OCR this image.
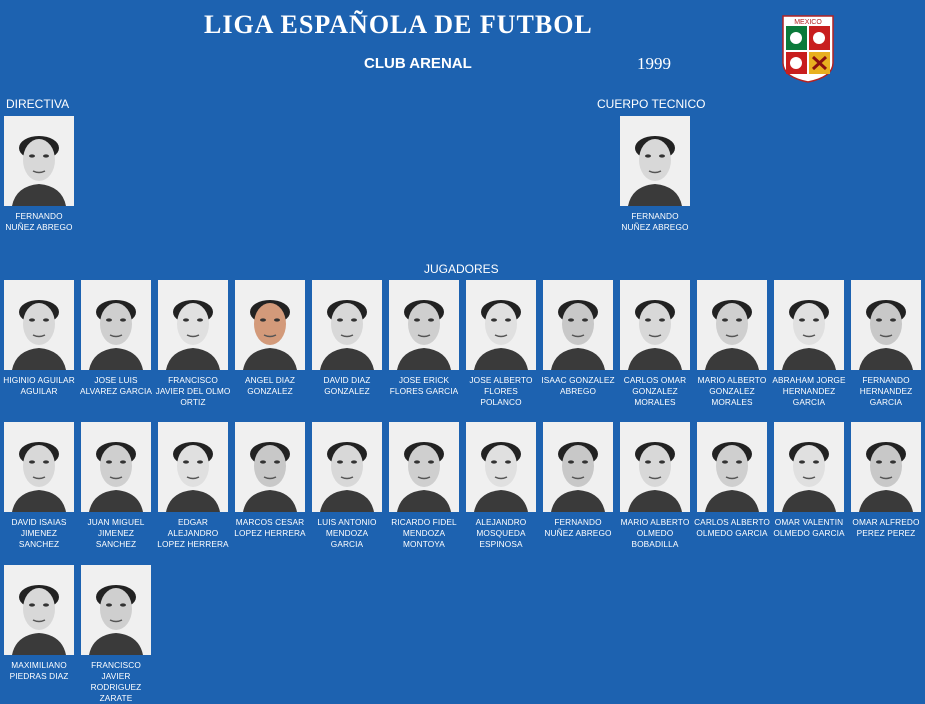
LIGA ESPAÑOLA DE FUTBOL
CLUB ARENAL	1999
MEXICO
DIRECTIVA	CUERPO TECNICO
JUGADORES
FERNANDO NUÑEZ ABREGO
FERNANDO NUÑEZ ABREGO
HIGINIO AGUILAR AGUILAR
JOSE LUIS ALVAREZ GARCIA
FRANCISCO JAVIER DEL OLMO ORTIZ
ANGEL DIAZ GONZALEZ
DAVID DIAZ GONZALEZ
JOSE ERICK FLORES GARCIA
JOSE ALBERTO FLORES POLANCO
ISAAC GONZALEZ ABREGO
CARLOS OMAR GONZALEZ MORALES
MARIO ALBERTO GONZALEZ MORALES
ABRAHAM JORGE HERNANDEZ GARCIA
FERNANDO HERNANDEZ GARCIA
DAVID ISAIAS JIMENEZ SANCHEZ
JUAN MIGUEL JIMENEZ SANCHEZ
EDGAR ALEJANDRO LOPEZ HERRERA
MARCOS CESAR LOPEZ HERRERA
LUIS ANTONIO MENDOZA GARCIA
RICARDO FIDEL MENDOZA MONTOYA
ALEJANDRO MOSQUEDA ESPINOSA
FERNANDO NUÑEZ ABREGO
MARIO ALBERTO OLMEDO BOBADILLA
CARLOS ALBERTO OLMEDO GARCIA
OMAR VALENTIN OLMEDO GARCIA
OMAR ALFREDO PEREZ PEREZ
MAXIMILIANO PIEDRAS DIAZ
FRANCISCO JAVIER RODRIGUEZ ZARATE
